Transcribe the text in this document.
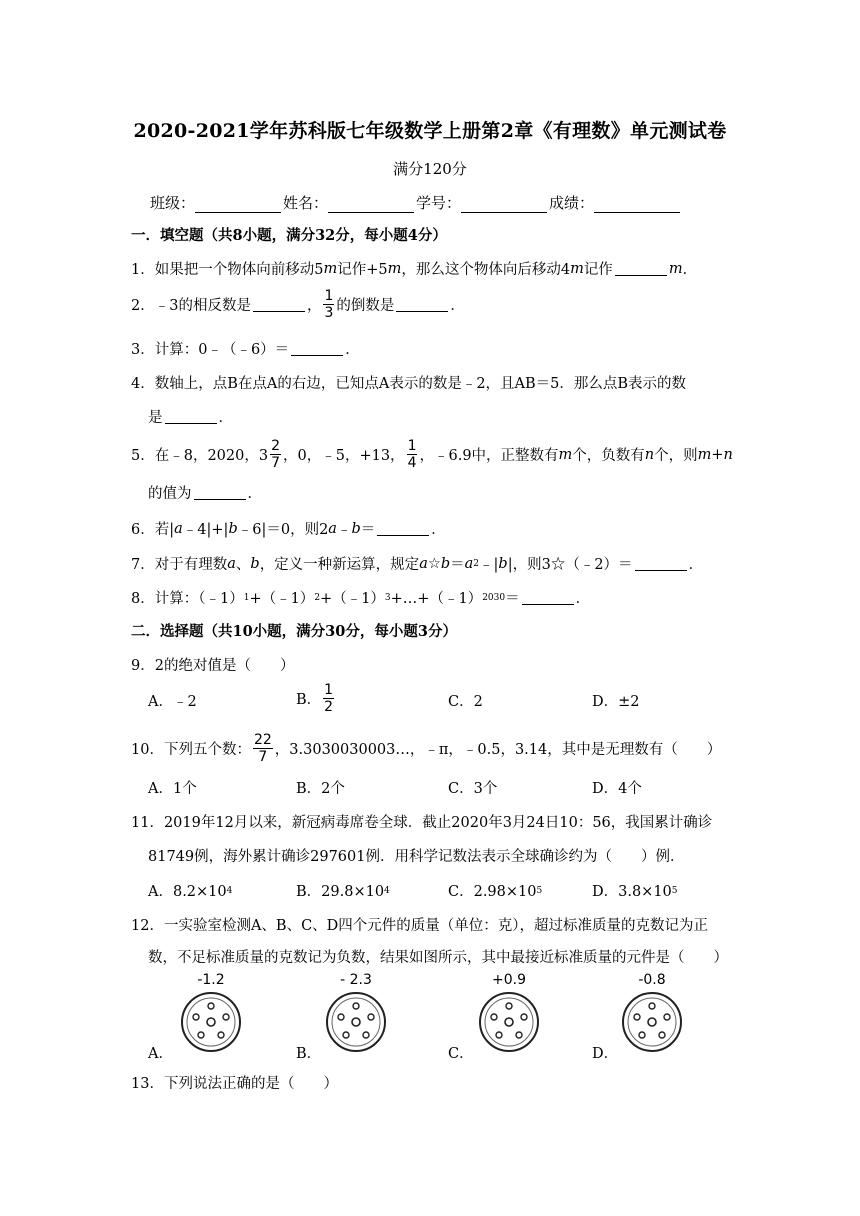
2020-2021学年苏科版七年级数学上册第2章《有理数》单元测试卷
满分120分
班级：	姓名：	学号：	成绩：
一．填空题（共8小题，满分32分，每小题4分）
1．如果把一个物体向前移动5 m 记作+5 m ，那么这个物体向后移动4 m 记作	m ．
2．﹣3的相反数是	， $\frac{1}{3}$ 的倒数是	．
3．计算：0﹣（﹣6）＝	．
4．数轴上，点B在点A的右边，已知点A表示的数是﹣2，且AB＝5．那么点B表示的数
是	．
5．在﹣8，2020，$3 \frac{2}{7}$ ，0，﹣5，+13， $\frac{1}{4}$ ，﹣6.9中，正整数有 m 个，负数有 n 个，则 m+n
的值为	．
6．若| a ﹣4|+| b ﹣6|＝0，则2 a ﹣ b ＝	．
7．对于有理数 a 、 b ，定义一种新运算，规定 a ☆ b ＝ a 2 ﹣| b |，则3☆（﹣2）＝	．
8．计算：（﹣1） 1 +（﹣1） 2 +（﹣1） 3 +…+（﹣1） 2030 ＝	．
二．选择题（共10小题，满分30分，每小题3分）
9．2的绝对值是（　　）
A．﹣2	B． $\frac{1}{2}$	C．2	D．±2
10．下列五个数： $\frac{22}{7}$ ，3.3030030003…，﹣π，﹣0.5，3.14，其中是无理数有（　　）
A．1个	B．2个	C．3个	D．4个
11．2019年12月以来，新冠病毒席卷全球．截止2020年3月24日10：56，我国累计确诊
81749例，海外累计确诊297601例．用科学记数法表示全球确诊约为（　　）例．
A．8.2×10 4	B．29.8×10 4	C．2.98×10 5	D．3.8×10 5
12．一实验室检测A、B、C、D四个元件的质量（单位：克），超过标准质量的克数记为正
数，不足标准质量的克数记为负数，结果如图所示，其中最接近标准质量的元件是（　　）
-1.2	- 2.3	+0.9	-0.8
A．	B．	C．	D．
13．下列说法正确的是（　　）
